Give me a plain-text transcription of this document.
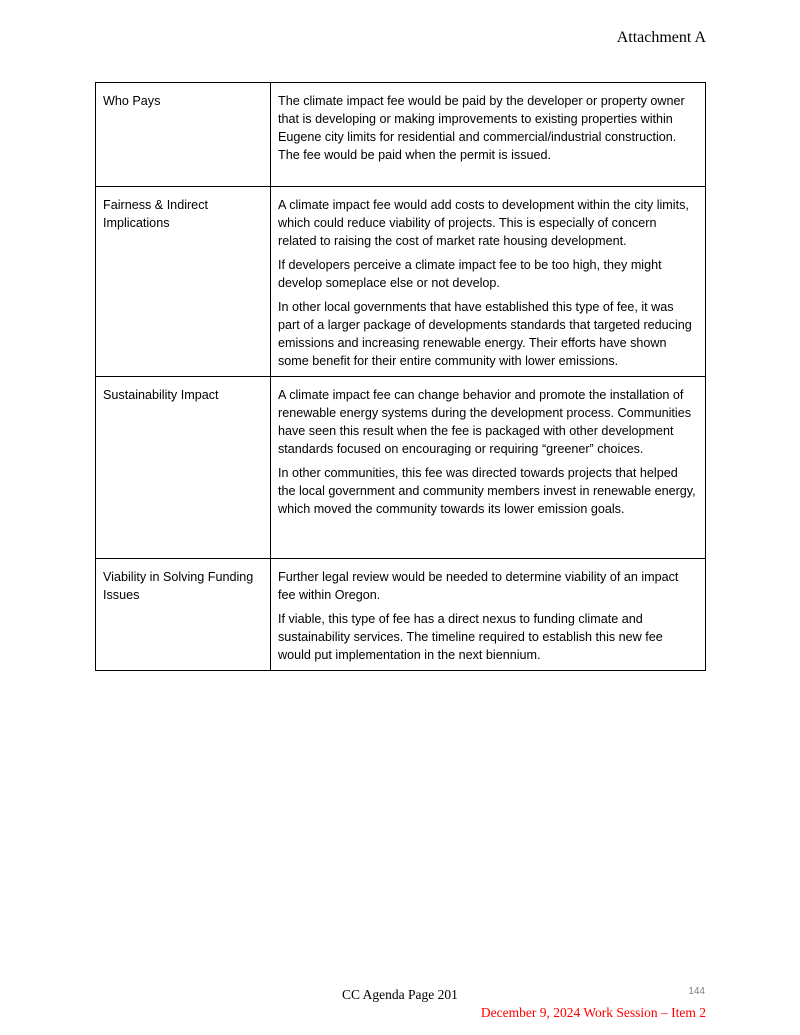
Attachment A
Who Pays	The climate impact fee would be paid by the developer or property owner that is developing or making improvements to existing properties within Eugene city limits for residential and commercial/industrial construction. The fee would be paid when the permit is issued.

Fairness & Indirect Implications	A climate impact fee would add costs to development within the city limits, which could reduce viability of projects. This is especially of concern related to raising the cost of market rate housing development.

If developers perceive a climate impact fee to be too high, they might develop someplace else or not develop.

In other local governments that have established this type of fee, it was part of a larger package of developments standards that targeted reducing emissions and increasing renewable energy. Their efforts have shown some benefit for their entire community with lower emissions.

Sustainability Impact	A climate impact fee can change behavior and promote the installation of renewable energy systems during the development process. Communities have seen this result when the fee is packaged with other development standards focused on encouraging or requiring “greener” choices.

In other communities, this fee was directed towards projects that helped the local government and community members invest in renewable energy, which moved the community towards its lower emission goals.

Viability in Solving Funding Issues	Further legal review would be needed to determine viability of an impact fee within Oregon.

If viable, this type of fee has a direct nexus to funding climate and sustainability services. The timeline required to establish this new fee would put implementation in the next biennium.

CC Agenda Page 201	144
December 9, 2024 Work Session – Item 2
